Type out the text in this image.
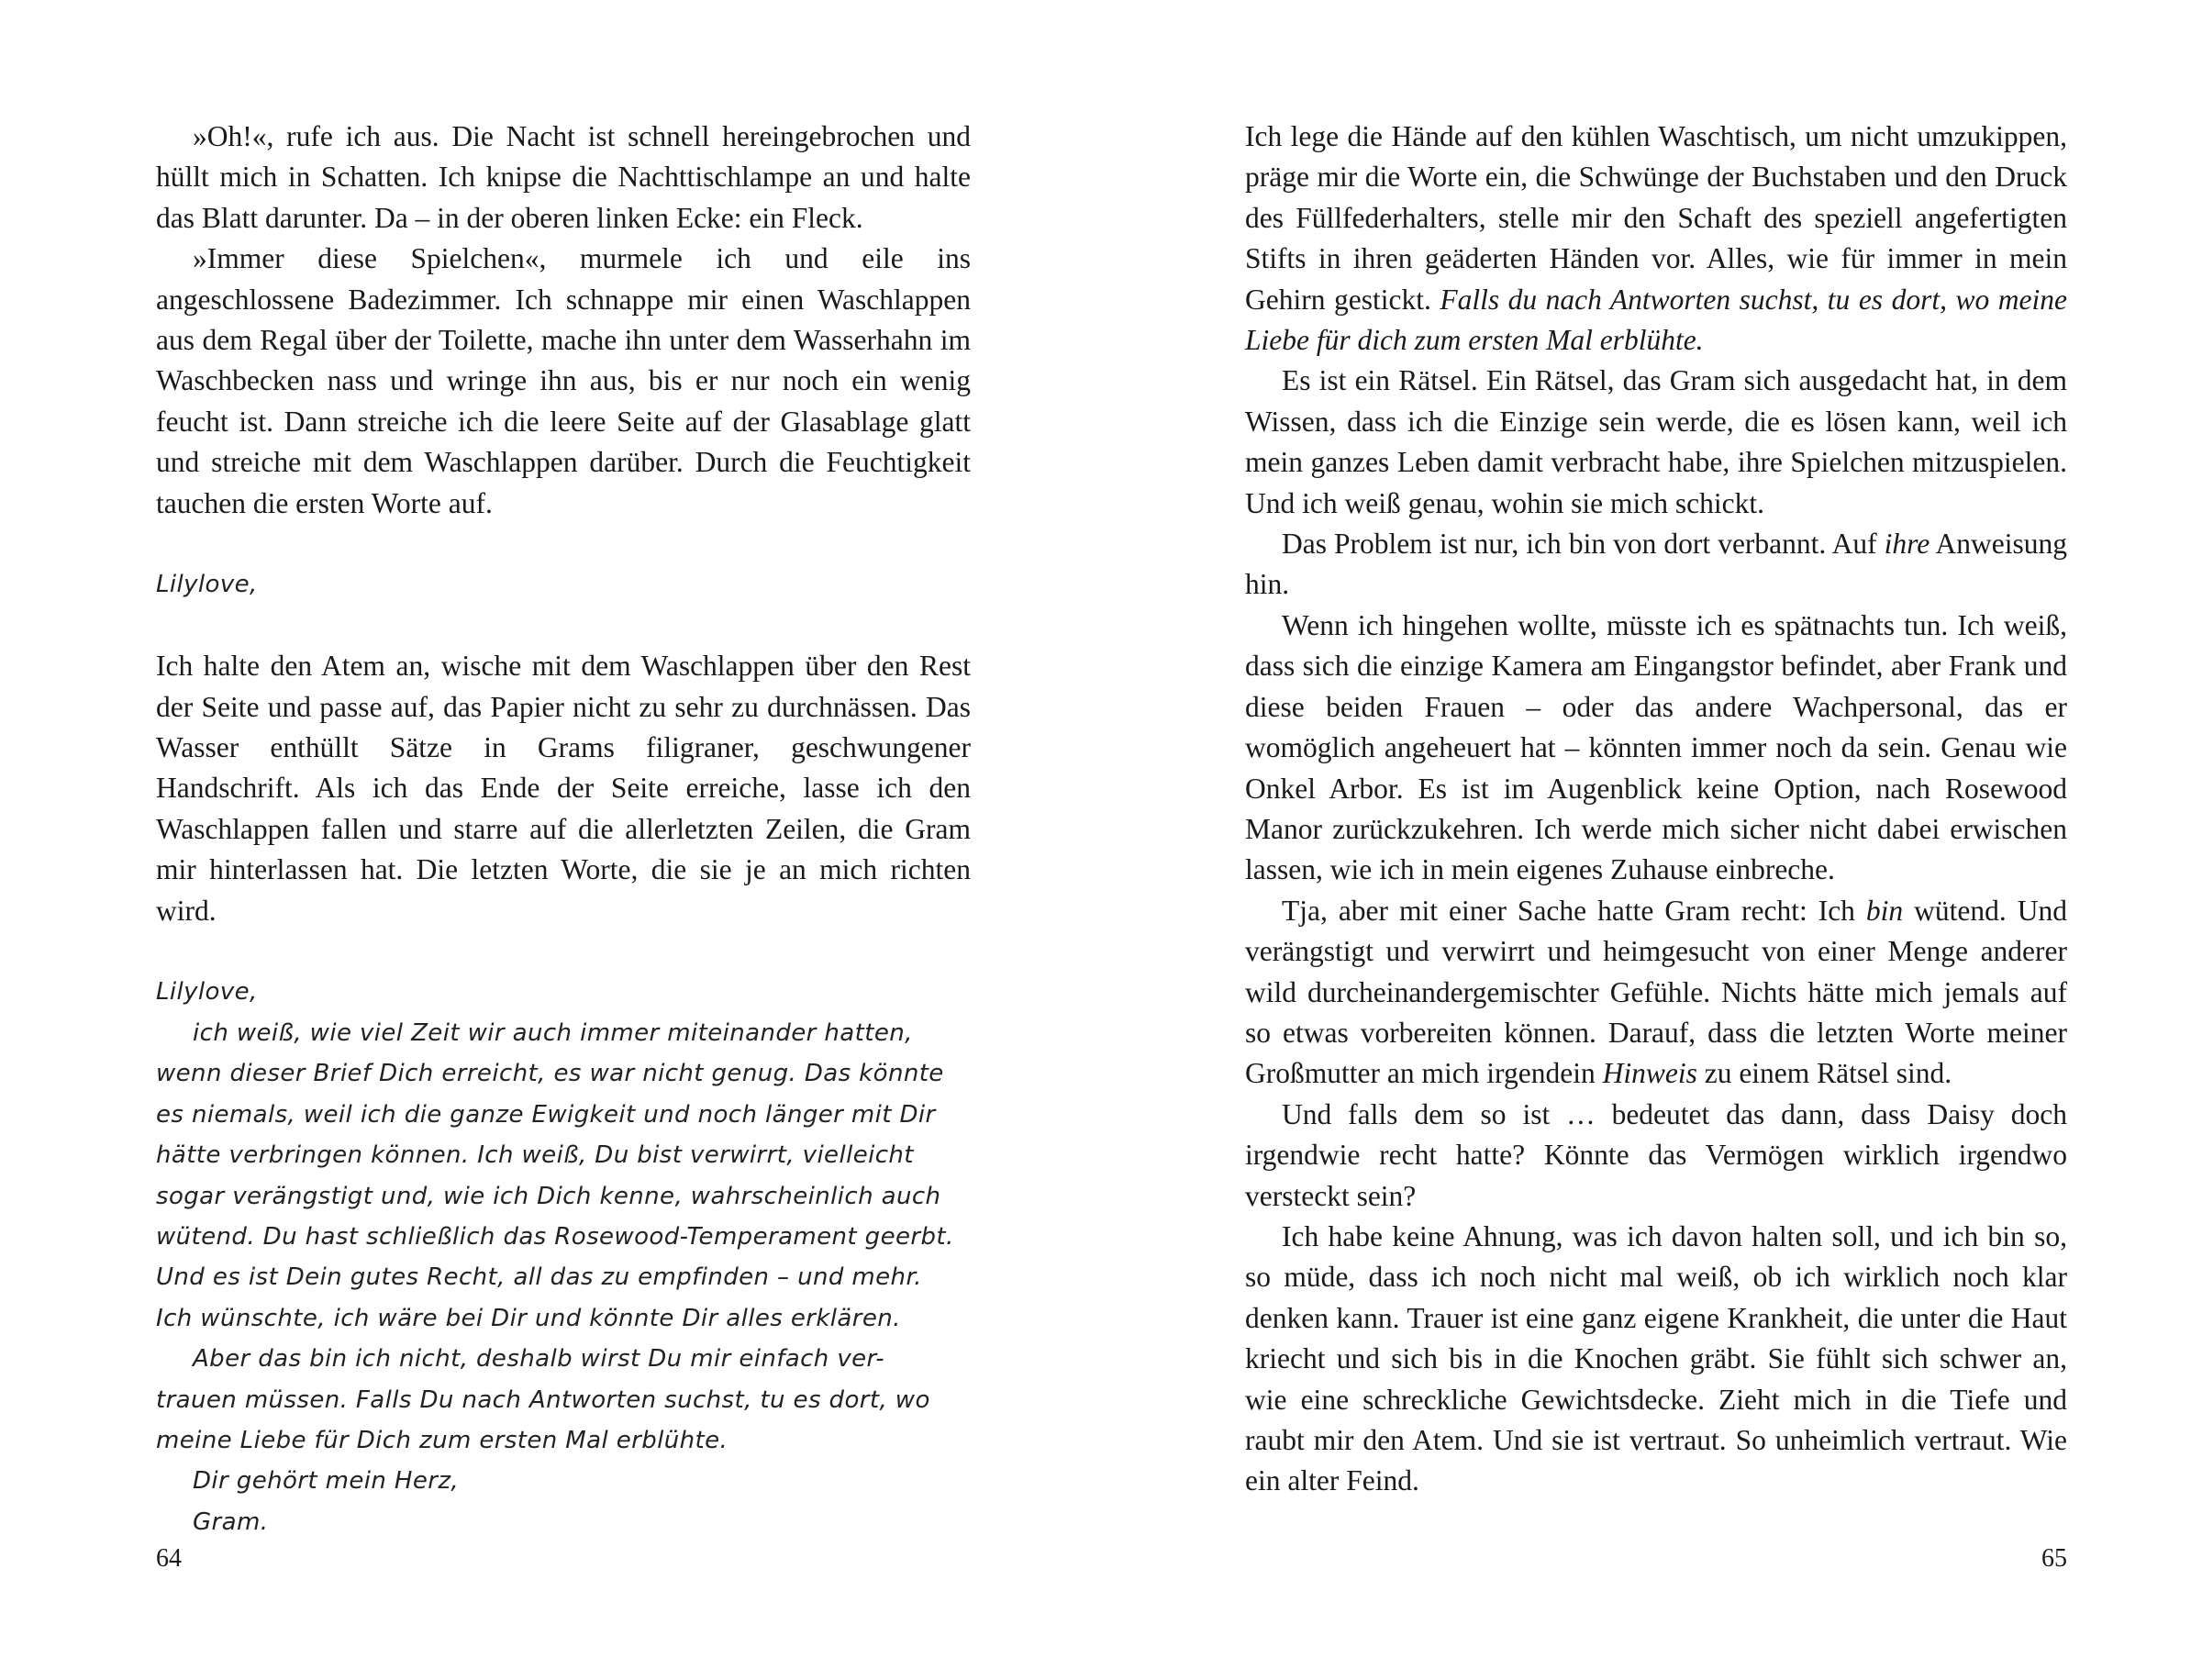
»Oh!«, rufe ich aus. Die Nacht ist schnell hereingebrochen und hüllt mich in Schatten. Ich knipse die Nachttischlampe an und halte das Blatt darunter. Da – in der oberen linken Ecke: ein Fleck.

»Immer diese Spielchen«, murmele ich und eile ins angeschlossene Badezimmer. Ich schnappe mir einen Waschlappen aus dem Regal über der Toilette, mache ihn unter dem Wasserhahn im Waschbecken nass und wringe ihn aus, bis er nur noch ein wenig feucht ist. Dann streiche ich die leere Seite auf der Glasablage glatt und streiche mit dem Waschlappen darüber. Durch die Feuchtigkeit tauchen die ersten Worte auf.

Lilylove,

Ich halte den Atem an, wische mit dem Waschlappen über den Rest der Seite und passe auf, das Papier nicht zu sehr zu durchnässen. Das Wasser enthüllt Sätze in Grams filigraner, geschwungener Handschrift. Als ich das Ende der Seite erreiche, lasse ich den Waschlappen fallen und starre auf die allerletzten Zeilen, die Gram mir hinterlassen hat. Die letzten Worte, die sie je an mich richten wird.

Lilylove,
ich weiß, wie viel Zeit wir auch immer miteinander hatten,
wenn dieser Brief Dich erreicht, es war nicht genug. Das könnte
es niemals, weil ich die ganze Ewigkeit und noch länger mit Dir
hätte verbringen können. Ich weiß, Du bist verwirrt, vielleicht
sogar verängstigt und, wie ich Dich kenne, wahrscheinlich auch
wütend. Du hast schließlich das Rosewood-Temperament geerbt.
Und es ist Dein gutes Recht, all das zu empfinden – und mehr.
Ich wünschte, ich wäre bei Dir und könnte Dir alles erklären.
Aber das bin ich nicht, deshalb wirst Du mir einfach ver-
trauen müssen. Falls Du nach Antworten suchst, tu es dort, wo
meine Liebe für Dich zum ersten Mal erblühte.
Dir gehört mein Herz,
Gram.
64

Ich lege die Hände auf den kühlen Waschtisch, um nicht umzukippen, präge mir die Worte ein, die Schwünge der Buchstaben und den Druck des Füllfederhalters, stelle mir den Schaft des speziell angefertigten Stifts in ihren geäderten Händen vor. Alles, wie für immer in mein Gehirn gestickt. Falls du nach Antworten suchst, tu es dort, wo meine Liebe für dich zum ersten Mal erblühte.

Es ist ein Rätsel. Ein Rätsel, das Gram sich ausgedacht hat, in dem Wissen, dass ich die Einzige sein werde, die es lösen kann, weil ich mein ganzes Leben damit verbracht habe, ihre Spielchen mitzuspielen. Und ich weiß genau, wohin sie mich schickt.

Das Problem ist nur, ich bin von dort verbannt. Auf ihre Anweisung hin.

Wenn ich hingehen wollte, müsste ich es spätnachts tun. Ich weiß, dass sich die einzige Kamera am Eingangstor befindet, aber Frank und diese beiden Frauen – oder das andere Wachpersonal, das er womöglich angeheuert hat – könnten immer noch da sein. Genau wie Onkel Arbor. Es ist im Augenblick keine Option, nach Rosewood Manor zurückzukehren. Ich werde mich sicher nicht dabei erwischen lassen, wie ich in mein eigenes Zuhause einbreche.

Tja, aber mit einer Sache hatte Gram recht: Ich bin wütend. Und verängstigt und verwirrt und heimgesucht von einer Menge anderer wild durcheinandergemischter Gefühle. Nichts hätte mich jemals auf so etwas vorbereiten können. Darauf, dass die letzten Worte meiner Großmutter an mich irgendein Hinweis zu einem Rätsel sind.

Und falls dem so ist … bedeutet das dann, dass Daisy doch irgendwie recht hatte? Könnte das Vermögen wirklich irgendwo versteckt sein?

Ich habe keine Ahnung, was ich davon halten soll, und ich bin so, so müde, dass ich noch nicht mal weiß, ob ich wirklich noch klar denken kann. Trauer ist eine ganz eigene Krankheit, die unter die Haut kriecht und sich bis in die Knochen gräbt. Sie fühlt sich schwer an, wie eine schreckliche Gewichtsdecke. Zieht mich in die Tiefe und raubt mir den Atem. Und sie ist vertraut. So unheimlich vertraut. Wie ein alter Feind.

65
